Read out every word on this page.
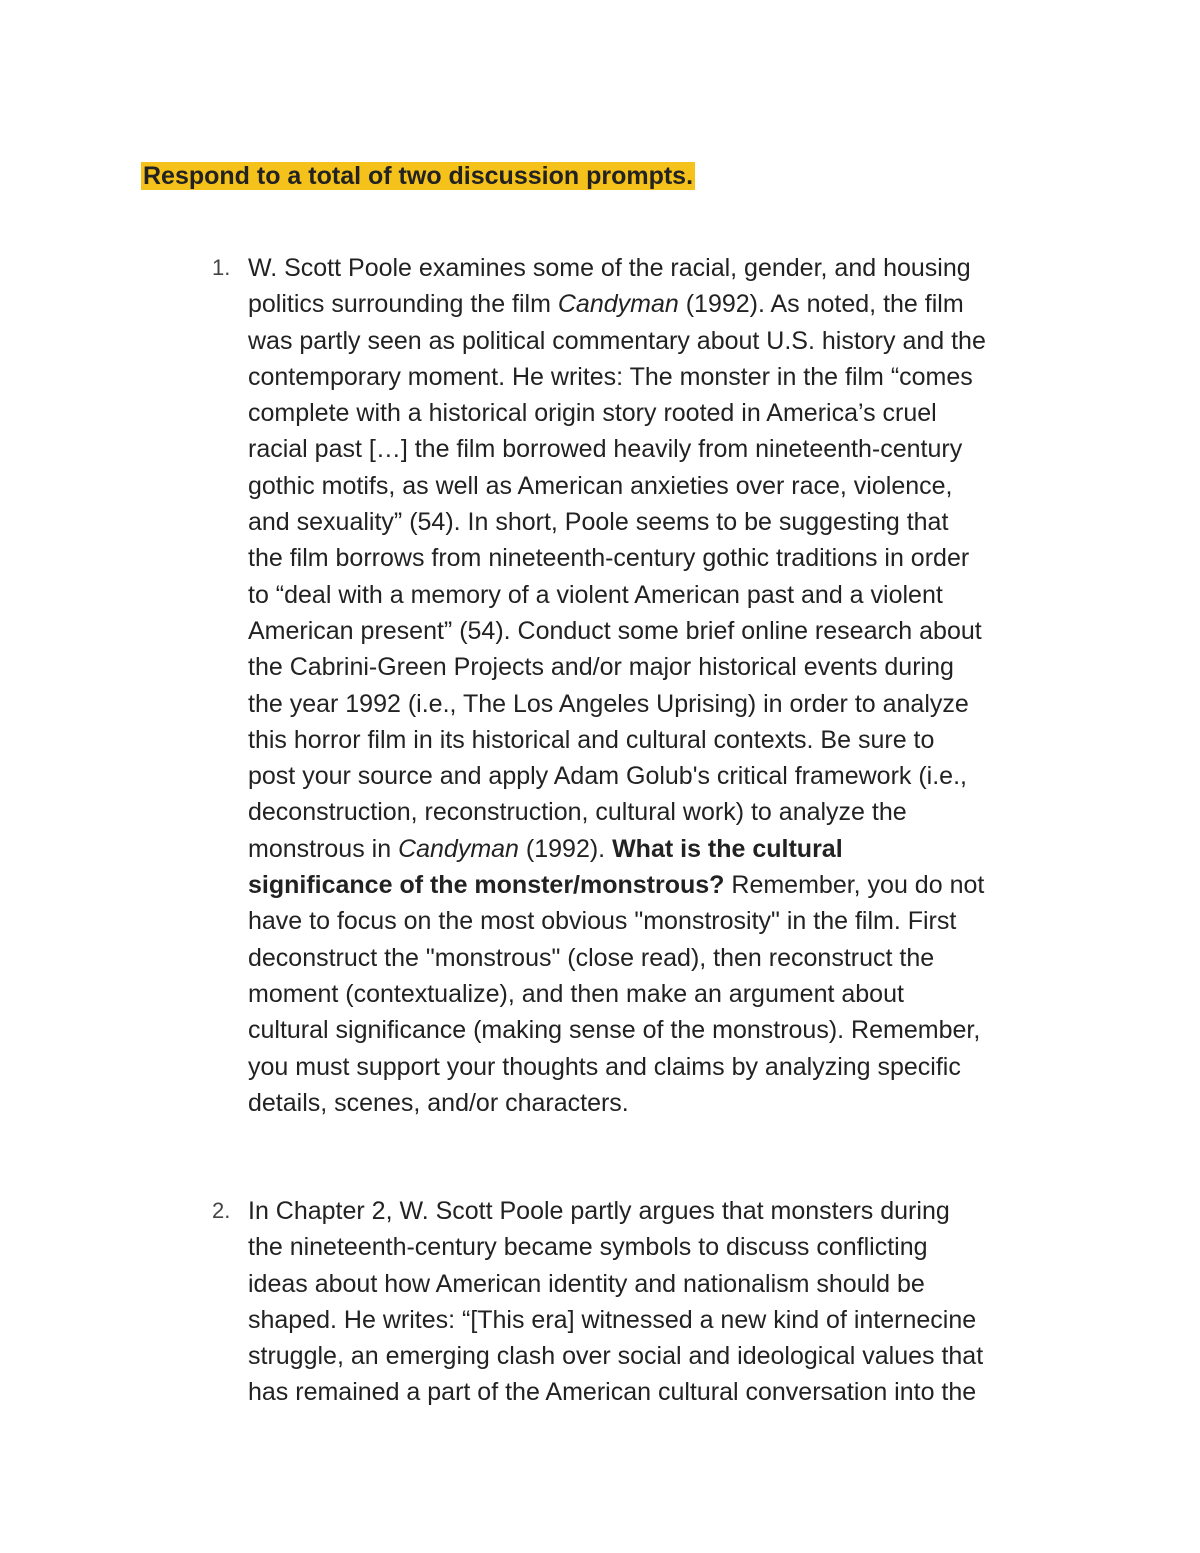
Respond to a total of two discussion prompts.
1. W. Scott Poole examines some of the racial, gender, and housing
politics surrounding the film Candyman (1992). As noted, the film
was partly seen as political commentary about U.S. history and the
contemporary moment. He writes: The monster in the film “comes
complete with a historical origin story rooted in America’s cruel
racial past […] the film borrowed heavily from nineteenth-century
gothic motifs, as well as American anxieties over race, violence,
and sexuality” (54). In short, Poole seems to be suggesting that
the film borrows from nineteenth-century gothic traditions in order
to “deal with a memory of a violent American past and a violent
American present” (54). Conduct some brief online research about
the Cabrini-Green Projects and/or major historical events during
the year 1992 (i.e., The Los Angeles Uprising) in order to analyze
this horror film in its historical and cultural contexts. Be sure to
post your source and apply Adam Golub's critical framework (i.e.,
deconstruction, reconstruction, cultural work) to analyze the
monstrous in Candyman (1992). What is the cultural
significance of the monster/monstrous? Remember, you do not
have to focus on the most obvious "monstrosity" in the film. First
deconstruct the "monstrous" (close read), then reconstruct the
moment (contextualize), and then make an argument about
cultural significance (making sense of the monstrous). Remember,
you must support your thoughts and claims by analyzing specific
details, scenes, and/or characters.
2. In Chapter 2, W. Scott Poole partly argues that monsters during
the nineteenth-century became symbols to discuss conflicting
ideas about how American identity and nationalism should be
shaped. He writes: “[This era] witnessed a new kind of internecine
struggle, an emerging clash over social and ideological values that
has remained a part of the American cultural conversation into the
